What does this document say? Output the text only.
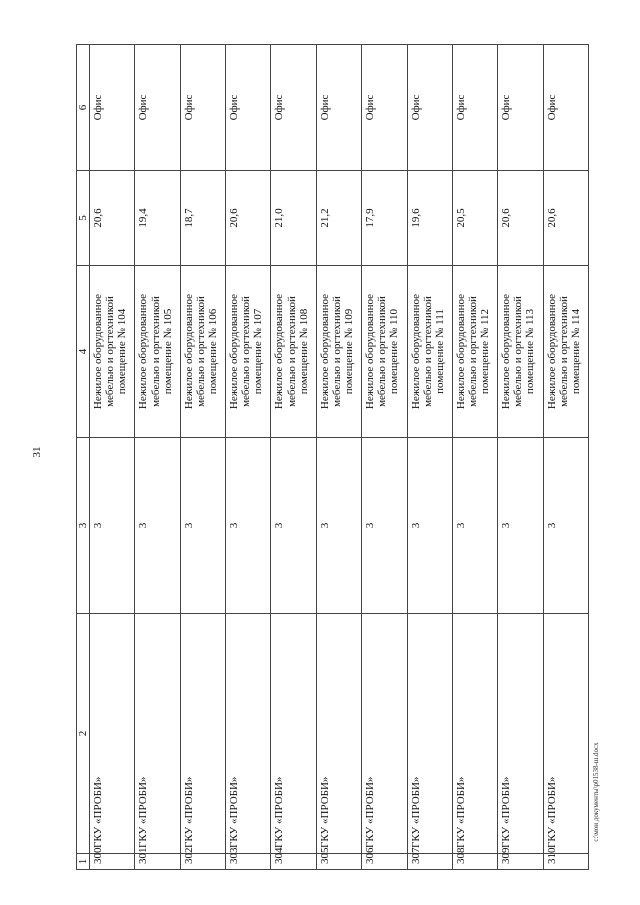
31
1	2	3	4	5	6
300	ГКУ «ПРОБИ»	3	Нежилое оборудованное мебелью и оргтехникой помещение № 104	20,6	Офис
301	ГКУ «ПРОБИ»	3	Нежилое оборудованное мебелью и оргтехникой помещение № 105	19,4	Офис
302	ГКУ «ПРОБИ»	3	Нежилое оборудованное мебелью и оргтехникой помещение № 106	18,7	Офис
303	ГКУ «ПРОБИ»	3	Нежилое оборудованное мебелью и оргтехникой помещение № 107	20,6	Офис
304	ГКУ «ПРОБИ»	3	Нежилое оборудованное мебелью и оргтехникой помещение № 108	21,0	Офис
305	ГКУ «ПРОБИ»	3	Нежилое оборудованное мебелью и оргтехникой помещение № 109	21,2	Офис
306	ГКУ «ПРОБИ»	3	Нежилое оборудованное мебелью и оргтехникой помещение № 110	17,9	Офис
307	ГКУ «ПРОБИ»	3	Нежилое оборудованное мебелью и оргтехникой помещение № 111	19,6	Офис
308	ГКУ «ПРОБИ»	3	Нежилое оборудованное мебелью и оргтехникой помещение № 112	20,5	Офис
309	ГКУ «ПРОБИ»	3	Нежилое оборудованное мебелью и оргтехникой помещение № 113	20,6	Офис
310	ГКУ «ПРОБИ»	3	Нежилое оборудованное мебелью и оргтехникой помещение № 114	20,6	Офис
c:\мои документы\p01538-ш.docx
